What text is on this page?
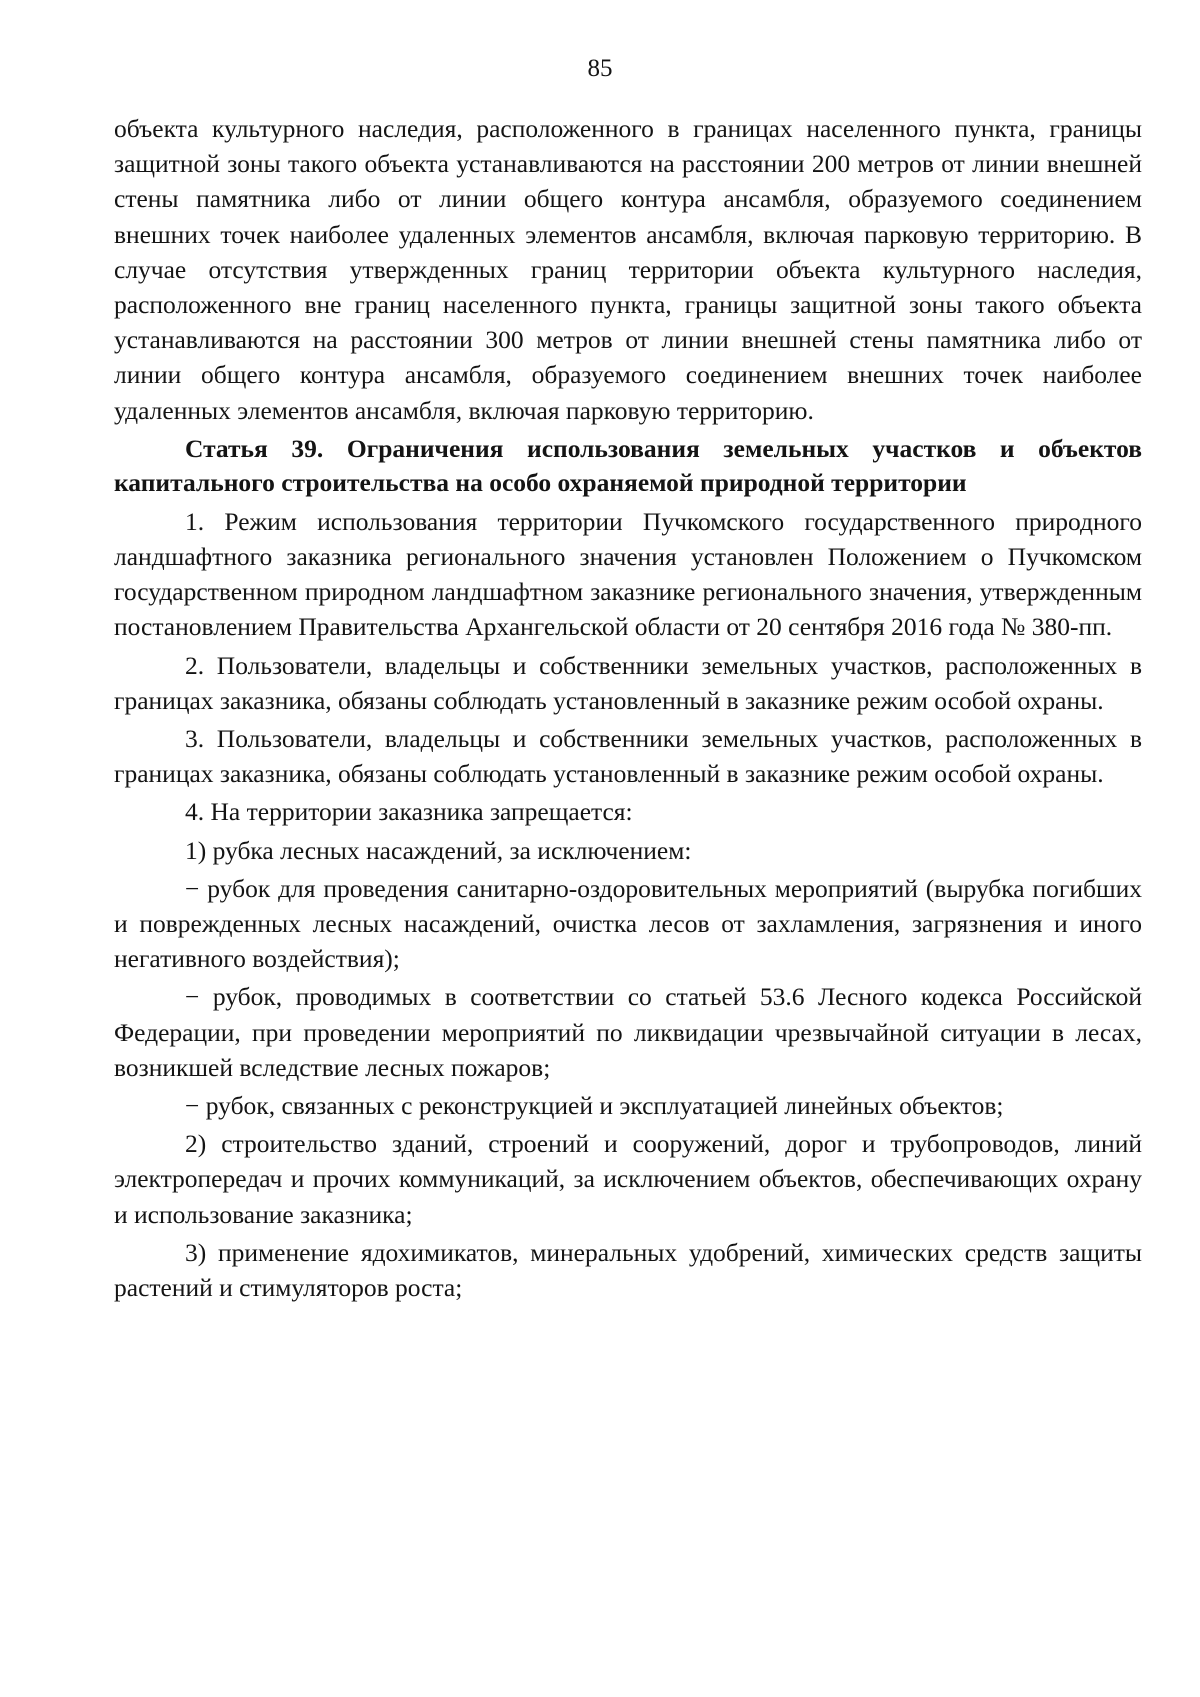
85

объекта культурного наследия, расположенного в границах населенного пункта, границы защитной зоны такого объекта устанавливаются на расстоянии 200 метров от линии внешней стены памятника либо от линии общего контура ансамбля, образуемого соединением внешних точек наиболее удаленных элементов ансамбля, включая парковую территорию. В случае отсутствия утвержденных границ территории объекта культурного наследия, расположенного вне границ населенного пункта, границы защитной зоны такого объекта устанавливаются на расстоянии 300 метров от линии внешней стены памятника либо от линии общего контура ансамбля, образуемого соединением внешних точек наиболее удаленных элементов ансамбля, включая парковую территорию.

Статья 39. Ограничения использования земельных участков и объектов капитального строительства на особо охраняемой природной территории

1. Режим использования территории Пучкомского государственного природного ландшафтного заказника регионального значения установлен Положением о Пучкомском государственном природном ландшафтном заказнике регионального значения, утвержденным постановлением Правительства Архангельской области от 20 сентября 2016 года № 380-пп.

2. Пользователи, владельцы и собственники земельных участков, расположенных в границах заказника, обязаны соблюдать установленный в заказнике режим особой охраны.

3. Пользователи, владельцы и собственники земельных участков, расположенных в границах заказника, обязаны соблюдать установленный в заказнике режим особой охраны.

4. На территории заказника запрещается:

1) рубка лесных насаждений, за исключением:

− рубок для проведения санитарно-оздоровительных мероприятий (вырубка погибших и поврежденных лесных насаждений, очистка лесов от захламления, загрязнения и иного негативного воздействия);

− рубок, проводимых в соответствии со статьей 53.6 Лесного кодекса Российской Федерации, при проведении мероприятий по ликвидации чрезвычайной ситуации в лесах, возникшей вследствие лесных пожаров;

− рубок, связанных с реконструкцией и эксплуатацией линейных объектов;

2) строительство зданий, строений и сооружений, дорог и трубопроводов, линий электропередач и прочих коммуникаций, за исключением объектов, обеспечивающих охрану и использование заказника;

3) применение ядохимикатов, минеральных удобрений, химических средств защиты растений и стимуляторов роста;
